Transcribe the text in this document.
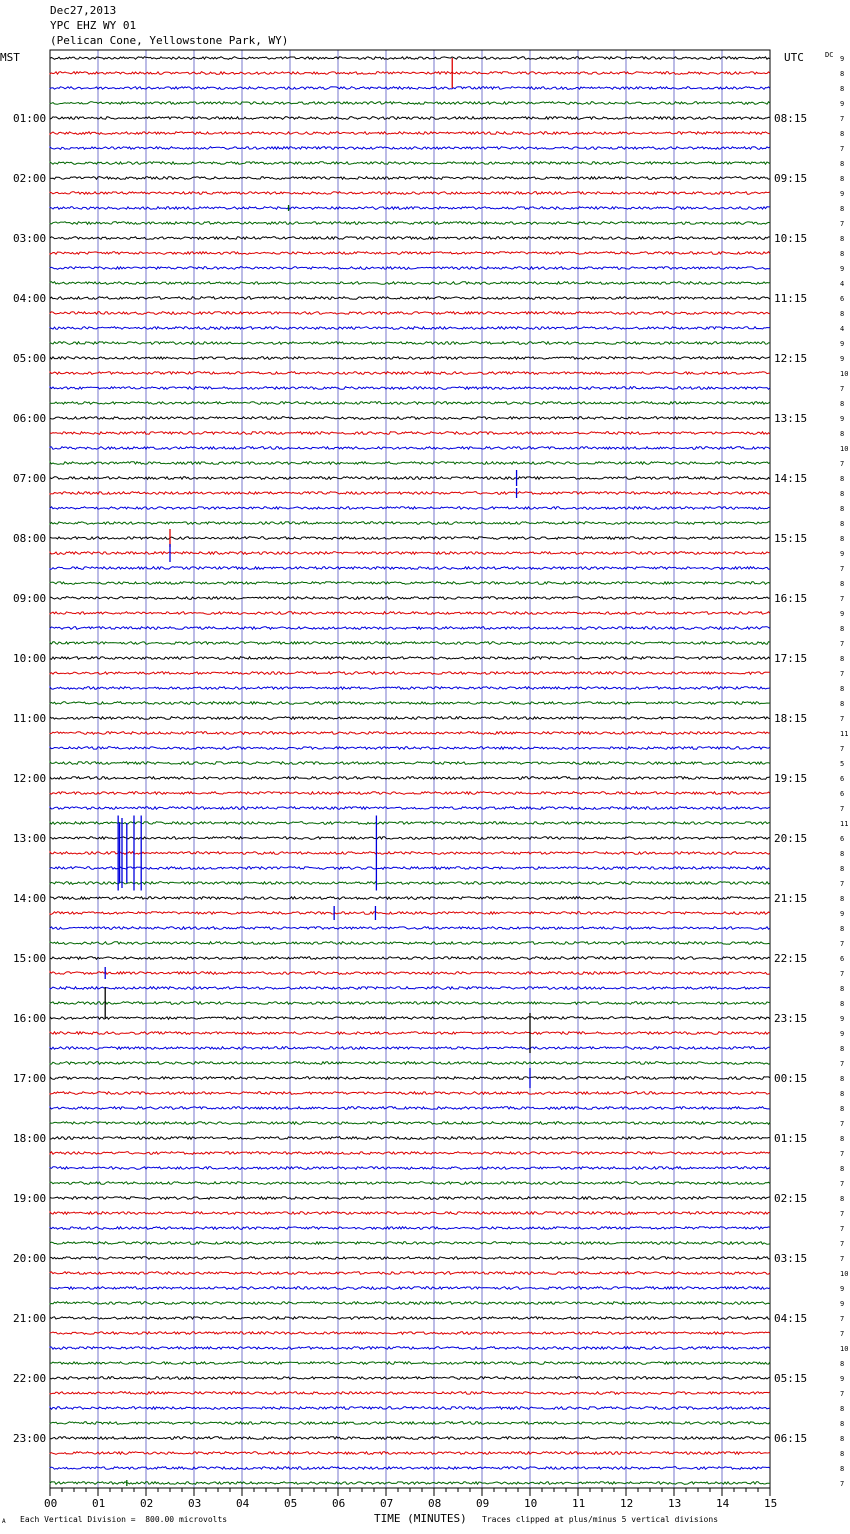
Dec27,2013
YPC EHZ WY 01
(Pelican Cone, Yellowstone Park, WY)
MST	UTC	DC
01:00	08:15
02:00	09:15
03:00	10:15
04:00	11:15
05:00	12:15
06:00	13:15
07:00	14:15
08:00	15:15
09:00	16:15
10:00	17:15
11:00	18:15
12:00	19:15
13:00	20:15
14:00	21:15
15:00	22:15
16:00	23:15
17:00	00:15
18:00	01:15
19:00	02:15
20:00	03:15
21:00	04:15
22:00	05:15
23:00	06:15
9
8
8
9
7
8
7
8
8
9
8
7
8
8
9
4
6
8
4
9
9
10
7
8
9
8
10
7
8
8
8
8
8
9
7
8
7
9
8
7
8
7
8
8
7
11
7
5
6
6
7
11
6
8
8
7
8
9
8
7
6
7
8
8
9
9
8
7
8
8
8
7
8
7
8
7
8
7
7
7
7
10
9
9
7
7
10
8
9
7
8
8
8
8
8
7
00	01	02	03	04	05	06	07	08	09	10	11	12	13	14	15
A Each Vertical Division =  800.00 microvolts	TIME (MINUTES) Traces clipped at plus/minus 5 vertical divisions
